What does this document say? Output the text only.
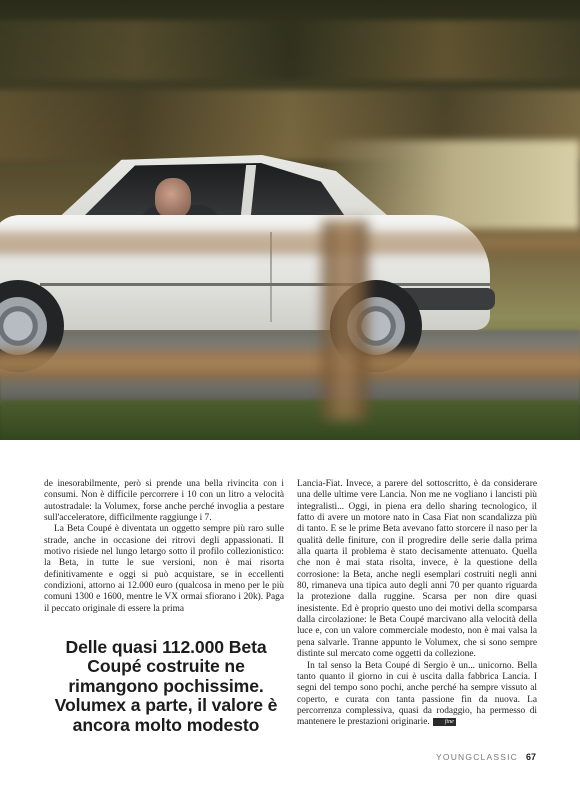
de inesorabilmente, però si prende una bella rivincita con i consumi. Non è difficile percorrere i 10 con un litro a velocità autostradale: la Volumex, forse anche perché invoglia a pestare sull'acceleratore, difficilmente raggiunge i 7.

La Beta Coupé è diventata un oggetto sempre più raro sulle strade, anche in occasione dei ritrovi degli appassionati. Il motivo risiede nel lungo letargo sotto il profilo collezionistico: la Beta, in tutte le sue versioni, non è mai risorta definitivamente e oggi si può acquistare, se in eccellenti condizioni, attorno ai 12.000 euro (qualcosa in meno per le più comuni 1300 e 1600, mentre le VX ormai sfiorano i 20k). Paga il peccato originale di essere la prima

Delle quasi 112.000 Beta Coupé costruite ne rimangono pochissime. Volumex a parte, il valore è ancora molto modesto

Lancia-Fiat. Invece, a parere del sottoscritto, è da considerare una delle ultime vere Lancia. Non me ne vogliano i lancisti più integralisti... Oggi, in piena era dello sharing tecnologico, il fatto di avere un motore nato in Casa Fiat non scandalizza più di tanto. E se le prime Beta avevano fatto storcere il naso per la qualità delle finiture, con il progredire delle serie dalla prima alla quarta il problema è stato decisamente attenuato. Quella che non è mai stata risolta, invece, è la questione della corrosione: la Beta, anche negli esemplari costruiti negli anni 80, rimaneva una tipica auto degli anni 70 per quanto riguarda la protezione dalla ruggine. Scarsa per non dire quasi inesistente. Ed è proprio questo uno dei motivi della scomparsa dalla circolazione: le Beta Coupé marcivano alla velocità della luce e, con un valore commerciale modesto, non è mai valsa la pena salvarle. Tranne appunto le Volumex, che si sono sempre distinte sul mercato come oggetti da collezione.

In tal senso la Beta Coupé di Sergio è un... unicorno. Bella tanto quanto il giorno in cui è uscita dalla fabbrica Lancia. I segni del tempo sono pochi, anche perché ha sempre vissuto al coperto, e curata con tanta passione fin da nuova. La percorrenza complessiva, quasi da rodaggio, ha permesso di mantenere le prestazioni originarie.	fine

YOUNGCLASSIC 67
